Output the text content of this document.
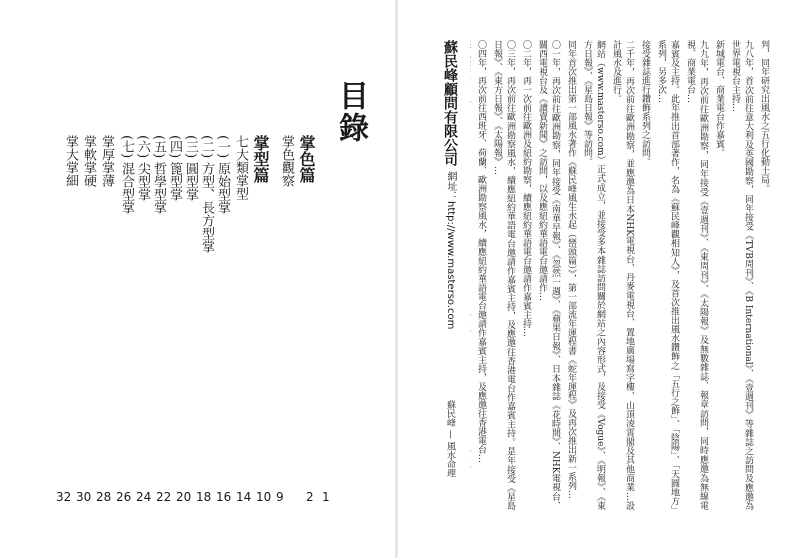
目錄
掌色篇
掌色觀察
掌型篇
七大類掌型
(一) 原始型掌
(二) 方型、長方型掌
(三) 圓型掌
(四) 篦型掌
(五) 哲學型掌
(六) 尖型掌
(七) 混合型掌
掌厚掌薄
掌軟掌硬
掌大掌細
32 30 28 26 24 22 20 18 16 14 10 9 2 1
蘇民峰顧問有限公司 網址：http://www.masterso.com

判，同年研究出風水之五行化動土局。

九八年，首次前往意大利及英國勘察，同年接受《TVB周刊》、《B International》、《壹週刊》等雜誌之訪問及應邀為世界電視台主持…

新城電台、商業電台作嘉賓。

九九年，再次前往歐洲勘察，同年接受《壹週刊》、《東周刊》、《太陽報》及無數雜誌、報章訪問，同時應邀為無線電視、商業電台…

嘉賓及主持。此年推出首部著作，名為《蘇民峰觀相知人》，及首次推出風水鑽飾之「五行之飾」、「陰陽」、「天圓地方」系列，另多次…

接受雜誌進行鑽飾系列之訪問。

二千年，再次前往歐洲勘察，並應邀為日本NHK電視台、丹麥電視台、置地廣場寫字樓、山頂凌霄閣及其他商業…設計風水及進行。

網站（www.masterso.com）正式成立，並接受多本雜誌訪問關於網站之內容形式，及接受《Vogue》、《明報》、《東方日報》、《星島日報》等訪問。

同年首次推出第一部風水著作《蘇民峰風生水起（巒頭篇）》，第一部流年運程書《蛇年運程》及再次推出新一系列…

〇一年，再次前往歐洲勘察，同年接受《南華早報》、《忽然一週》、《蘋果日報》、日本雜誌《花時間》、NHK電視台、關西電視台及《讀賣新聞》之訪問，以及應紐約華語電台邀請作…

〇二年，再一次前往歐洲及紐約勘察，續應紐約華語電台邀請作嘉賓主持…

〇三年，再次前往歐洲勘察風水，續應紐約華語電台邀請作嘉賓主持，及應邀往香港電台作嘉賓主持。是年接受《星島日報》、《東方日報》、《太陽報》…

〇四年，再次前往西班牙、荷蘭、歐洲勘察風水，續應紐約華語電台邀請作嘉賓主持，及應邀往香港電台…

蘇民峰 — 風水命理
